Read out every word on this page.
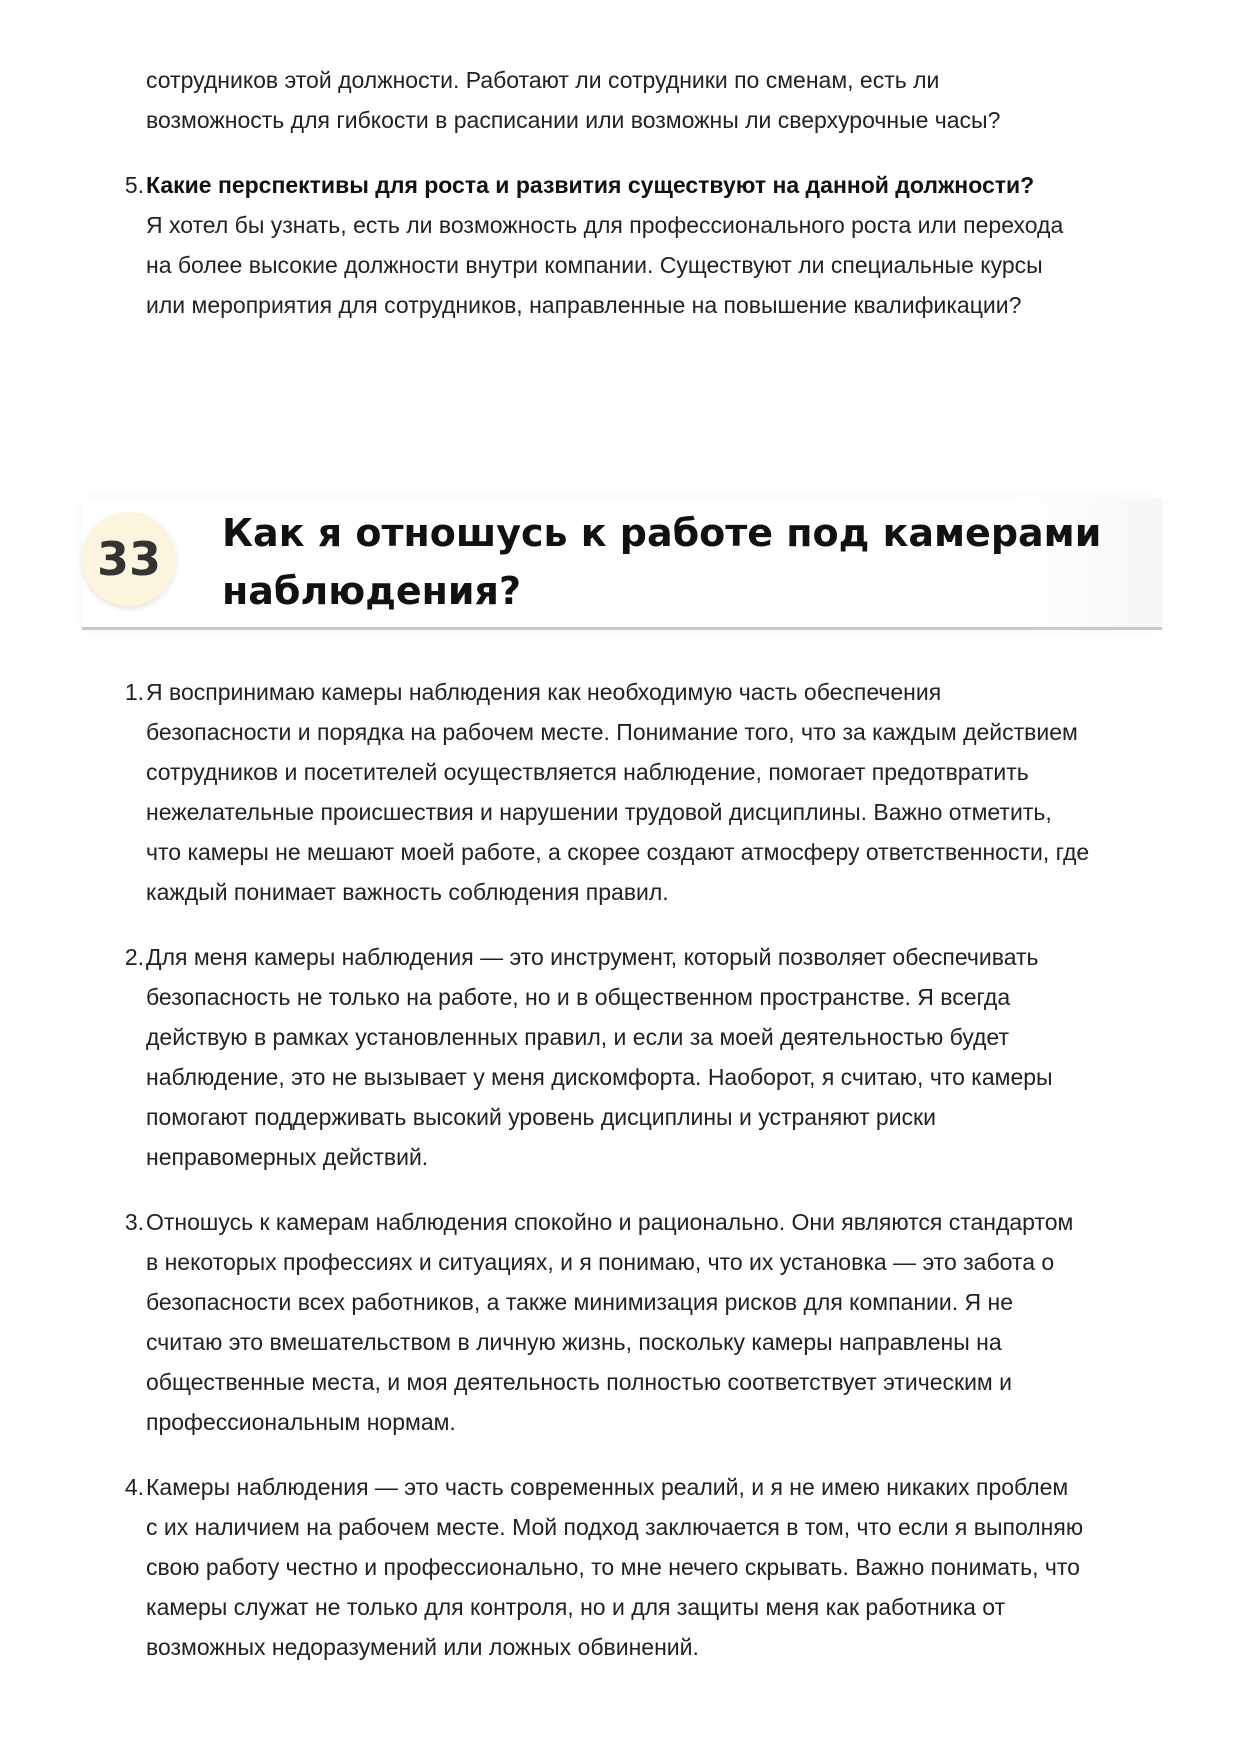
сотрудников этой должности. Работают ли сотрудники по сменам, есть ли
возможность для гибкости в расписании или возможны ли сверхурочные часы?
5. Какие перспективы для роста и развития существуют на данной должности?
Я хотел бы узнать, есть ли возможность для профессионального роста или перехода
на более высокие должности внутри компании. Существуют ли специальные курсы
или мероприятия для сотрудников, направленные на повышение квалификации?
33	Как я отношусь к работе под камерами
наблюдения?
1. Я воспринимаю камеры наблюдения как необходимую часть обеспечения
безопасности и порядка на рабочем месте. Понимание того, что за каждым действием
сотрудников и посетителей осуществляется наблюдение, помогает предотвратить
нежелательные происшествия и нарушении трудовой дисциплины. Важно отметить,
что камеры не мешают моей работе, а скорее создают атмосферу ответственности, где
каждый понимает важность соблюдения правил.
2. Для меня камеры наблюдения — это инструмент, который позволяет обеспечивать
безопасность не только на работе, но и в общественном пространстве. Я всегда
действую в рамках установленных правил, и если за моей деятельностью будет
наблюдение, это не вызывает у меня дискомфорта. Наоборот, я считаю, что камеры
помогают поддерживать высокий уровень дисциплины и устраняют риски
неправомерных действий.
3. Отношусь к камерам наблюдения спокойно и рационально. Они являются стандартом
в некоторых профессиях и ситуациях, и я понимаю, что их установка — это забота о
безопасности всех работников, а также минимизация рисков для компании. Я не
считаю это вмешательством в личную жизнь, поскольку камеры направлены на
общественные места, и моя деятельность полностью соответствует этическим и
профессиональным нормам.
4. Камеры наблюдения — это часть современных реалий, и я не имею никаких проблем
с их наличием на рабочем месте. Мой подход заключается в том, что если я выполняю
свою работу честно и профессионально, то мне нечего скрывать. Важно понимать, что
камеры служат не только для контроля, но и для защиты меня как работника от
возможных недоразумений или ложных обвинений.
